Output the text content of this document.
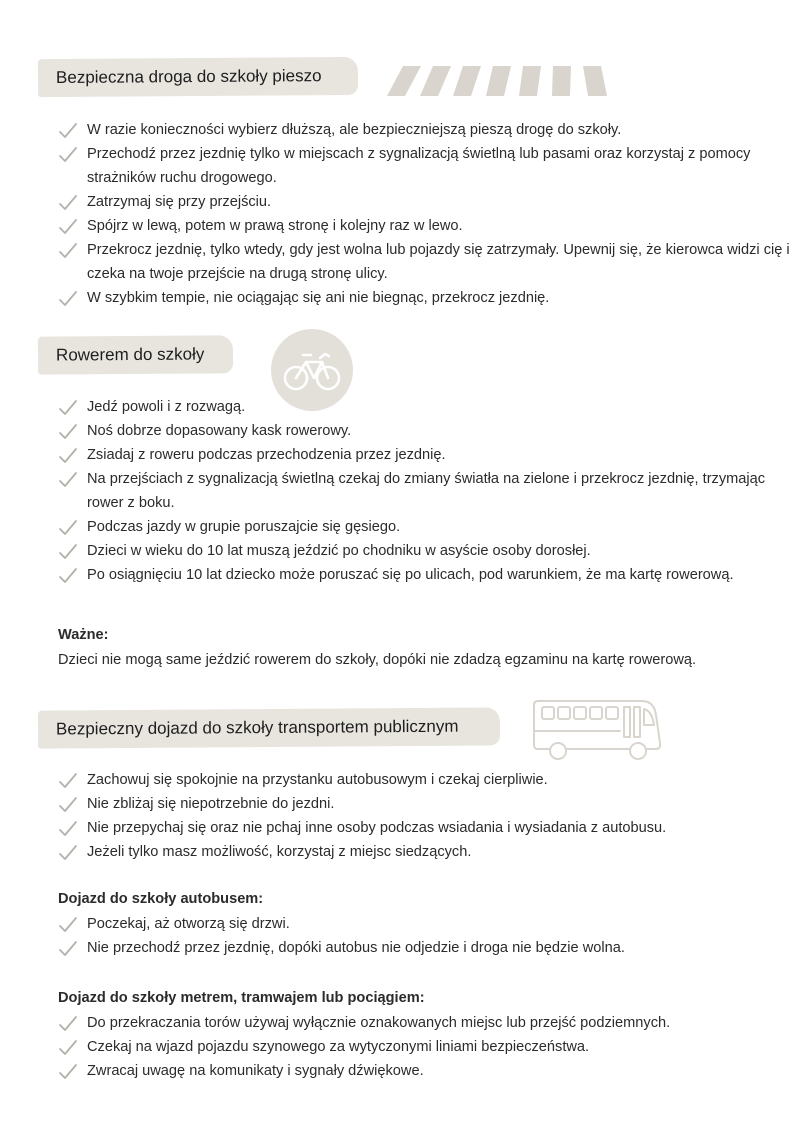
Bezpieczna droga do szkoły pieszo
W razie konieczności wybierz dłuższą, ale bezpieczniejszą pieszą drogę do szkoły.
Przechodź przez jezdnię tylko w miejscach z sygnalizacją świetlną lub pasami oraz korzystaj z pomocy strażników ruchu drogowego.
Zatrzymaj się przy przejściu.
Spójrz w lewą, potem w prawą stronę i kolejny raz w lewo.
Przekrocz jezdnię, tylko wtedy, gdy jest wolna lub pojazdy się zatrzymały. Upewnij się, że kierowca widzi cię i czeka na twoje przejście na drugą stronę ulicy.
W szybkim tempie, nie ociągając się ani nie biegnąc, przekrocz jezdnię.
Rowerem do szkoły
Jedź powoli i z rozwagą.
Noś dobrze dopasowany kask rowerowy.
Zsiadaj z roweru podczas przechodzenia przez jezdnię.
Na przejściach z sygnalizacją świetlną czekaj do zmiany światła na zielone i przekrocz jezdnię, trzymając rower z boku.
Podczas jazdy w grupie poruszajcie się gęsiego.
Dzieci w wieku do 10 lat muszą jeździć po chodniku w asyście osoby dorosłej.
Po osiągnięciu 10 lat dziecko może poruszać się po ulicach, pod warunkiem, że ma kartę rowerową.
Ważne:
Dzieci nie mogą same jeździć rowerem do szkoły, dopóki nie zdadzą egzaminu na kartę rowerową.
Bezpieczny dojazd do szkoły transportem publicznym
Zachowuj się spokojnie na przystanku autobusowym i czekaj cierpliwie.
Nie zbliżaj się niepotrzebnie do jezdni.
Nie przepychaj się oraz nie pchaj inne osoby podczas wsiadania i wysiadania z autobusu.
Jeżeli tylko masz możliwość, korzystaj z miejsc siedzących.
Dojazd do szkoły autobusem:
Poczekaj, aż otworzą się drzwi.
Nie przechodź przez jezdnię, dopóki autobus nie odjedzie i droga nie będzie wolna.
Dojazd do szkoły metrem, tramwajem lub pociągiem:
Do przekraczania torów używaj wyłącznie oznakowanych miejsc lub przejść podziemnych.
Czekaj na wjazd pojazdu szynowego za wytyczonymi liniami bezpieczeństwa.
Zwracaj uwagę na komunikaty i sygnały dźwiękowe.
